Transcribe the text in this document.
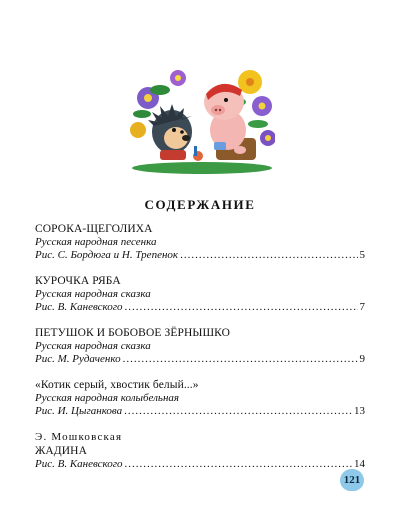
СОДЕРЖАНИЕ
СОРОКА-ЩЕГОЛИХА
Русская народная песенка
Рис. С. Бордюга и Н. Трепенок .....	5
КУРОЧКА РЯБА
Русская народная сказка
Рис. В. Каневского .....	7
ПЕТУШОК И БОБОВОЕ ЗЁРНЫШКО
Русская народная сказка
Рис. М. Рудаченко .....	9
«Котик серый, хвостик белый...»
Русская народная колыбельная
Рис. И. Цыганкова .....	13
Э. Мошковская
ЖАДИНА
Рис. В. Каневского .....	14
121
